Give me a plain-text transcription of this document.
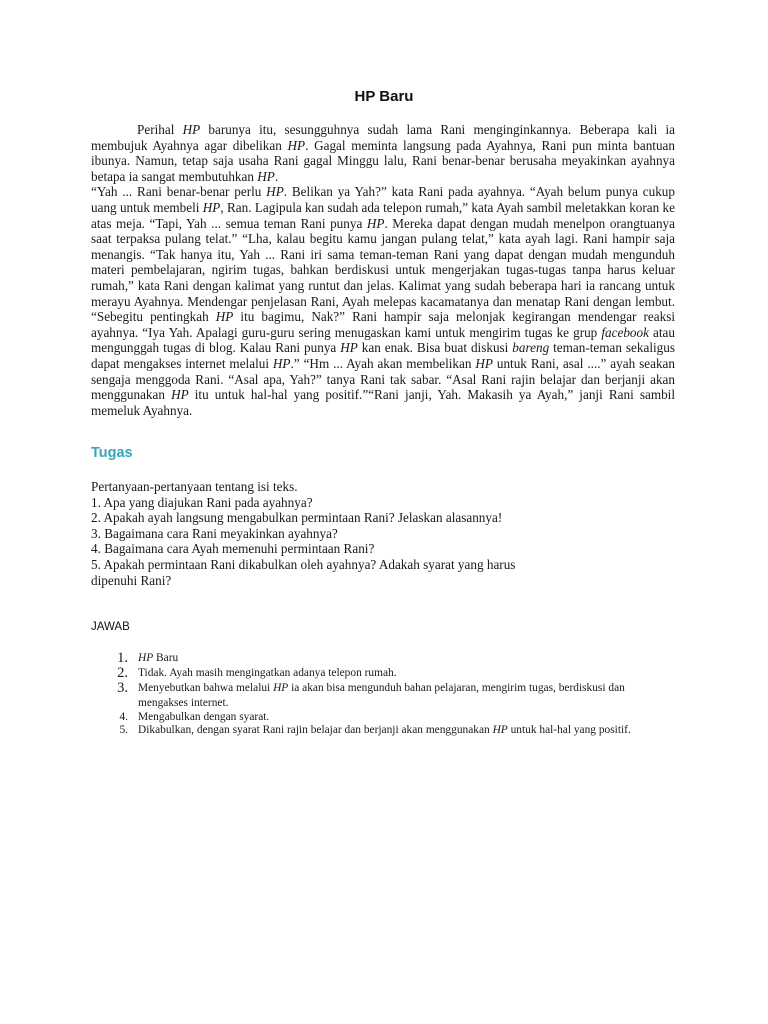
HP Baru

Perihal HP barunya itu, sesungguhnya sudah lama Rani menginginkannya. Beberapa kali ia membujuk Ayahnya agar dibelikan HP. Gagal meminta langsung pada Ayahnya, Rani pun minta bantuan ibunya. Namun, tetap saja usaha Rani gagal Minggu lalu, Rani benar-benar berusaha meyakinkan ayahnya betapa ia sangat membutuhkan HP.

“Yah ... Rani benar-benar perlu HP. Belikan ya Yah?” kata Rani pada ayahnya. “Ayah belum punya cukup uang untuk membeli HP, Ran. Lagipula kan sudah ada telepon rumah,” kata Ayah sambil meletakkan koran ke atas meja. “Tapi, Yah ... semua teman Rani punya HP. Mereka dapat dengan mudah menelpon orangtuanya saat terpaksa pulang telat.” “Lha, kalau begitu kamu jangan pulang telat,” kata ayah lagi. Rani hampir saja menangis. “Tak hanya itu, Yah ... Rani iri sama teman-teman Rani yang dapat dengan mudah mengunduh materi pembelajaran, ngirim tugas, bahkan berdiskusi untuk mengerjakan tugas-tugas tanpa harus keluar rumah,” kata Rani dengan kalimat yang runtut dan jelas. Kalimat yang sudah beberapa hari ia rancang untuk merayu Ayahnya. Mendengar penjelasan Rani, Ayah melepas kacamatanya dan menatap Rani dengan lembut. “Sebegitu pentingkah HP itu bagimu, Nak?” Rani hampir saja melonjak kegirangan mendengar reaksi ayahnya. “Iya Yah. Apalagi guru-guru sering menugaskan kami untuk mengirim tugas ke grup facebook atau mengunggah tugas di blog. Kalau Rani punya HP kan enak. Bisa buat diskusi bareng teman-teman sekaligus dapat mengakses internet melalui HP.” “Hm ... Ayah akan membelikan HP untuk Rani, asal ....” ayah seakan sengaja menggoda Rani. “Asal apa, Yah?” tanya Rani tak sabar. “Asal Rani rajin belajar dan berjanji akan menggunakan HP itu untuk hal-hal yang positif.”“Rani janji, Yah. Makasih ya Ayah,” janji Rani sambil memeluk Ayahnya.

Tugas
Pertanyaan-pertanyaan tentang isi teks.
1. Apa yang diajukan Rani pada ayahnya?
2. Apakah ayah langsung mengabulkan permintaan Rani? Jelaskan alasannya!
3. Bagaimana cara Rani meyakinkan ayahnya?
4. Bagaimana cara Ayah memenuhi permintaan Rani?
5. Apakah permintaan Rani dikabulkan oleh ayahnya? Adakah syarat yang harus
dipenuhi Rani?
JAWAB
1. HP Baru
2. Tidak. Ayah masih mengingatkan adanya telepon rumah.
3. Menyebutkan bahwa melalui HP ia akan bisa mengunduh bahan pelajaran, mengirim tugas, berdiskusi dan mengakses internet.
4. Mengabulkan dengan syarat.
5. Dikabulkan, dengan syarat Rani rajin belajar dan berjanji akan menggunakan HP untuk hal-hal yang positif.
